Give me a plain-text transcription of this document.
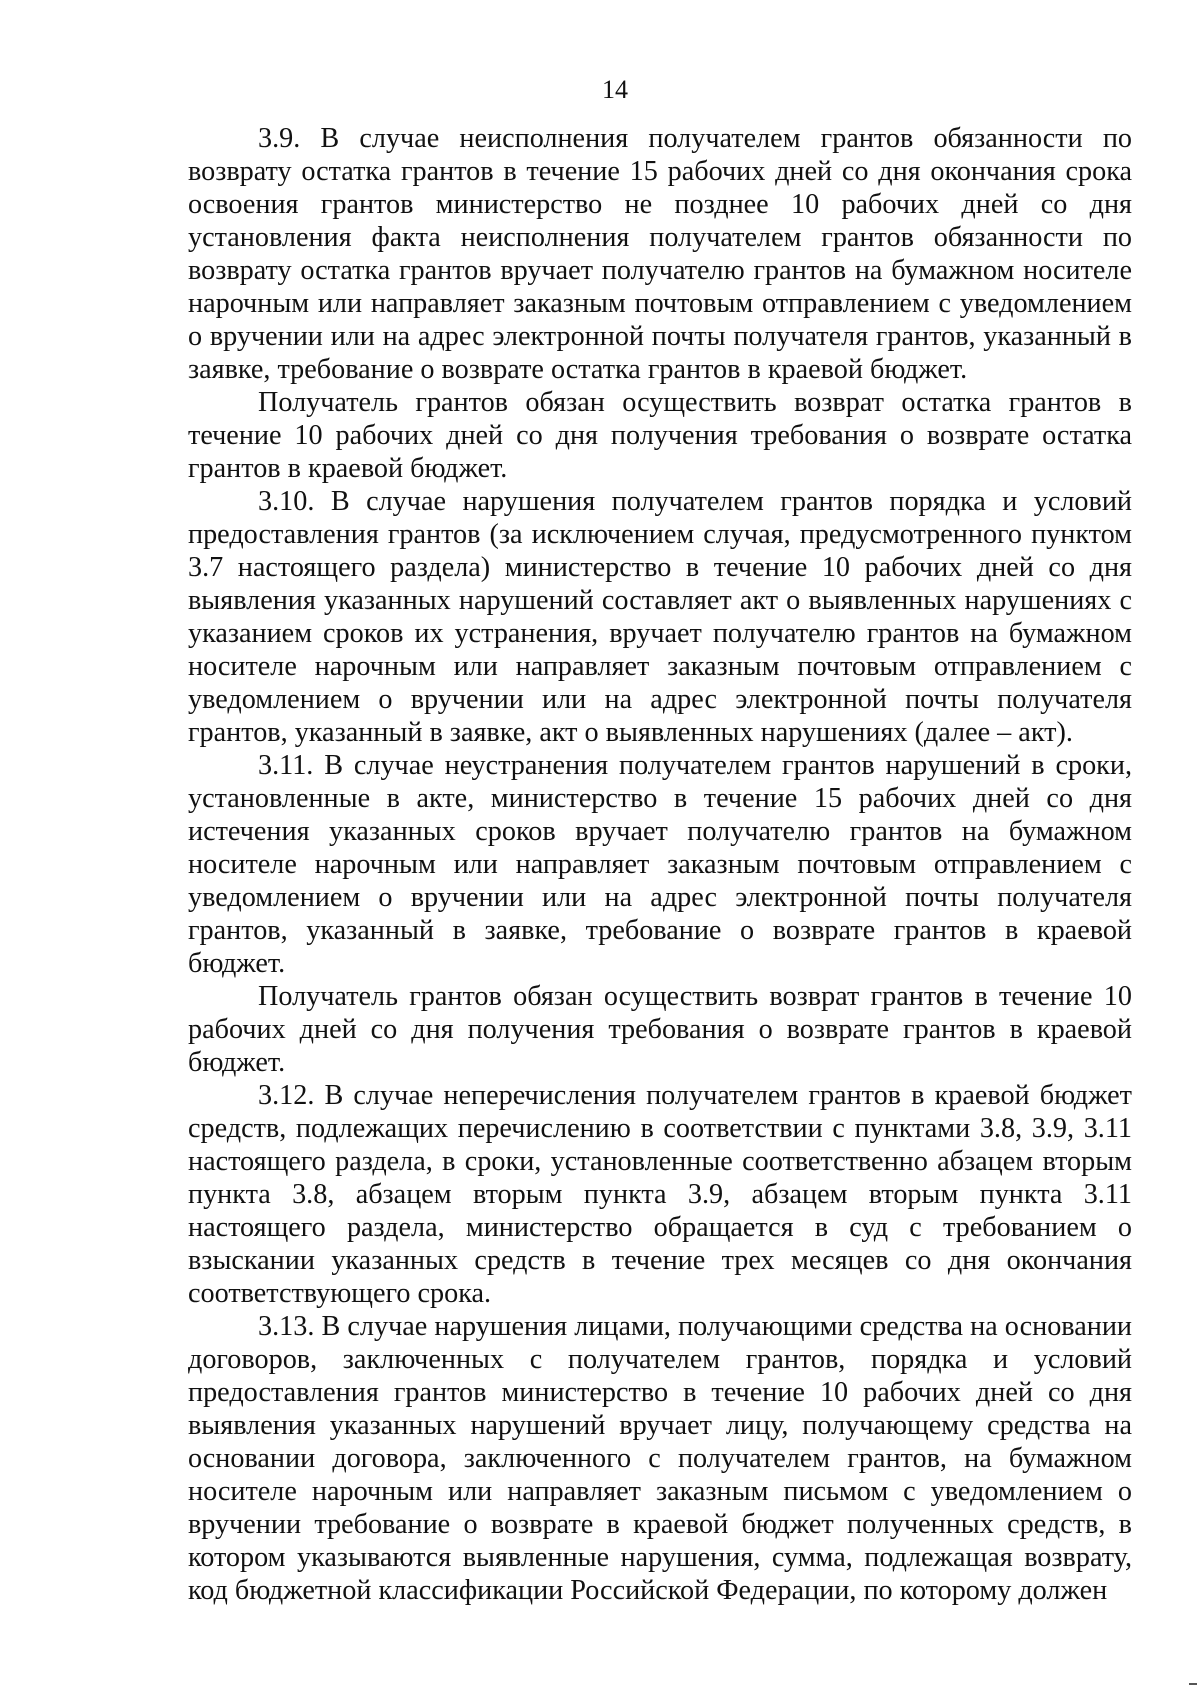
14

3.9. В случае неисполнения получателем грантов обязанности по возврату остатка грантов в течение 15 рабочих дней со дня окончания срока освоения грантов министерство не позднее 10 рабочих дней со дня установления факта неисполнения получателем грантов обязанности по возврату остатка грантов вручает получателю грантов на бумажном носителе нарочным или направляет заказным почтовым отправлением с уведомлением о вручении или на адрес электронной почты получателя грантов, указанный в заявке, требование о возврате остатка грантов в краевой бюджет.

Получатель грантов обязан осуществить возврат остатка грантов в течение 10 рабочих дней со дня получения требования о возврате остатка грантов в краевой бюджет.

3.10. В случае нарушения получателем грантов порядка и условий предоставления грантов (за исключением случая, предусмотренного пунктом 3.7 настоящего раздела) министерство в течение 10 рабочих дней со дня выявления указанных нарушений составляет акт о выявленных нарушениях с указанием сроков их устранения, вручает получателю грантов на бумажном носителе нарочным или направляет заказным почтовым отправлением с уведомлением о вручении или на адрес электронной почты получателя грантов, указанный в заявке, акт о выявленных нарушениях (далее – акт).

3.11. В случае неустранения получателем грантов нарушений в сроки, установленные в акте, министерство в течение 15 рабочих дней со дня истечения указанных сроков вручает получателю грантов на бумажном носителе нарочным или направляет заказным почтовым отправлением с уведомлением о вручении или на адрес электронной почты получателя грантов, указанный в заявке, требование о возврате грантов в краевой бюджет.

Получатель грантов обязан осуществить возврат грантов в течение 10 рабочих дней со дня получения требования о возврате грантов в краевой бюджет.

3.12. В случае неперечисления получателем грантов в краевой бюджет средств, подлежащих перечислению в соответствии с пунктами 3.8, 3.9, 3.11 настоящего раздела, в сроки, установленные соответственно абзацем вторым пункта 3.8, абзацем вторым пункта 3.9, абзацем вторым пункта 3.11 настоящего раздела, министерство обращается в суд с требованием о взыскании указанных средств в течение трех месяцев со дня окончания соответствующего срока.

3.13. В случае нарушения лицами, получающими средства на основании договоров, заключенных с получателем грантов, порядка и условий предоставления грантов министерство в течение 10 рабочих дней со дня выявления указанных нарушений вручает лицу, получающему средства на основании договора, заключенного с получателем грантов, на бумажном носителе нарочным или направляет заказным письмом с уведомлением о вручении требование о возврате в краевой бюджет полученных средств, в котором указываются выявленные нарушения, сумма, подлежащая возврату, код бюджетной классификации Российской Федерации, по которому должен
